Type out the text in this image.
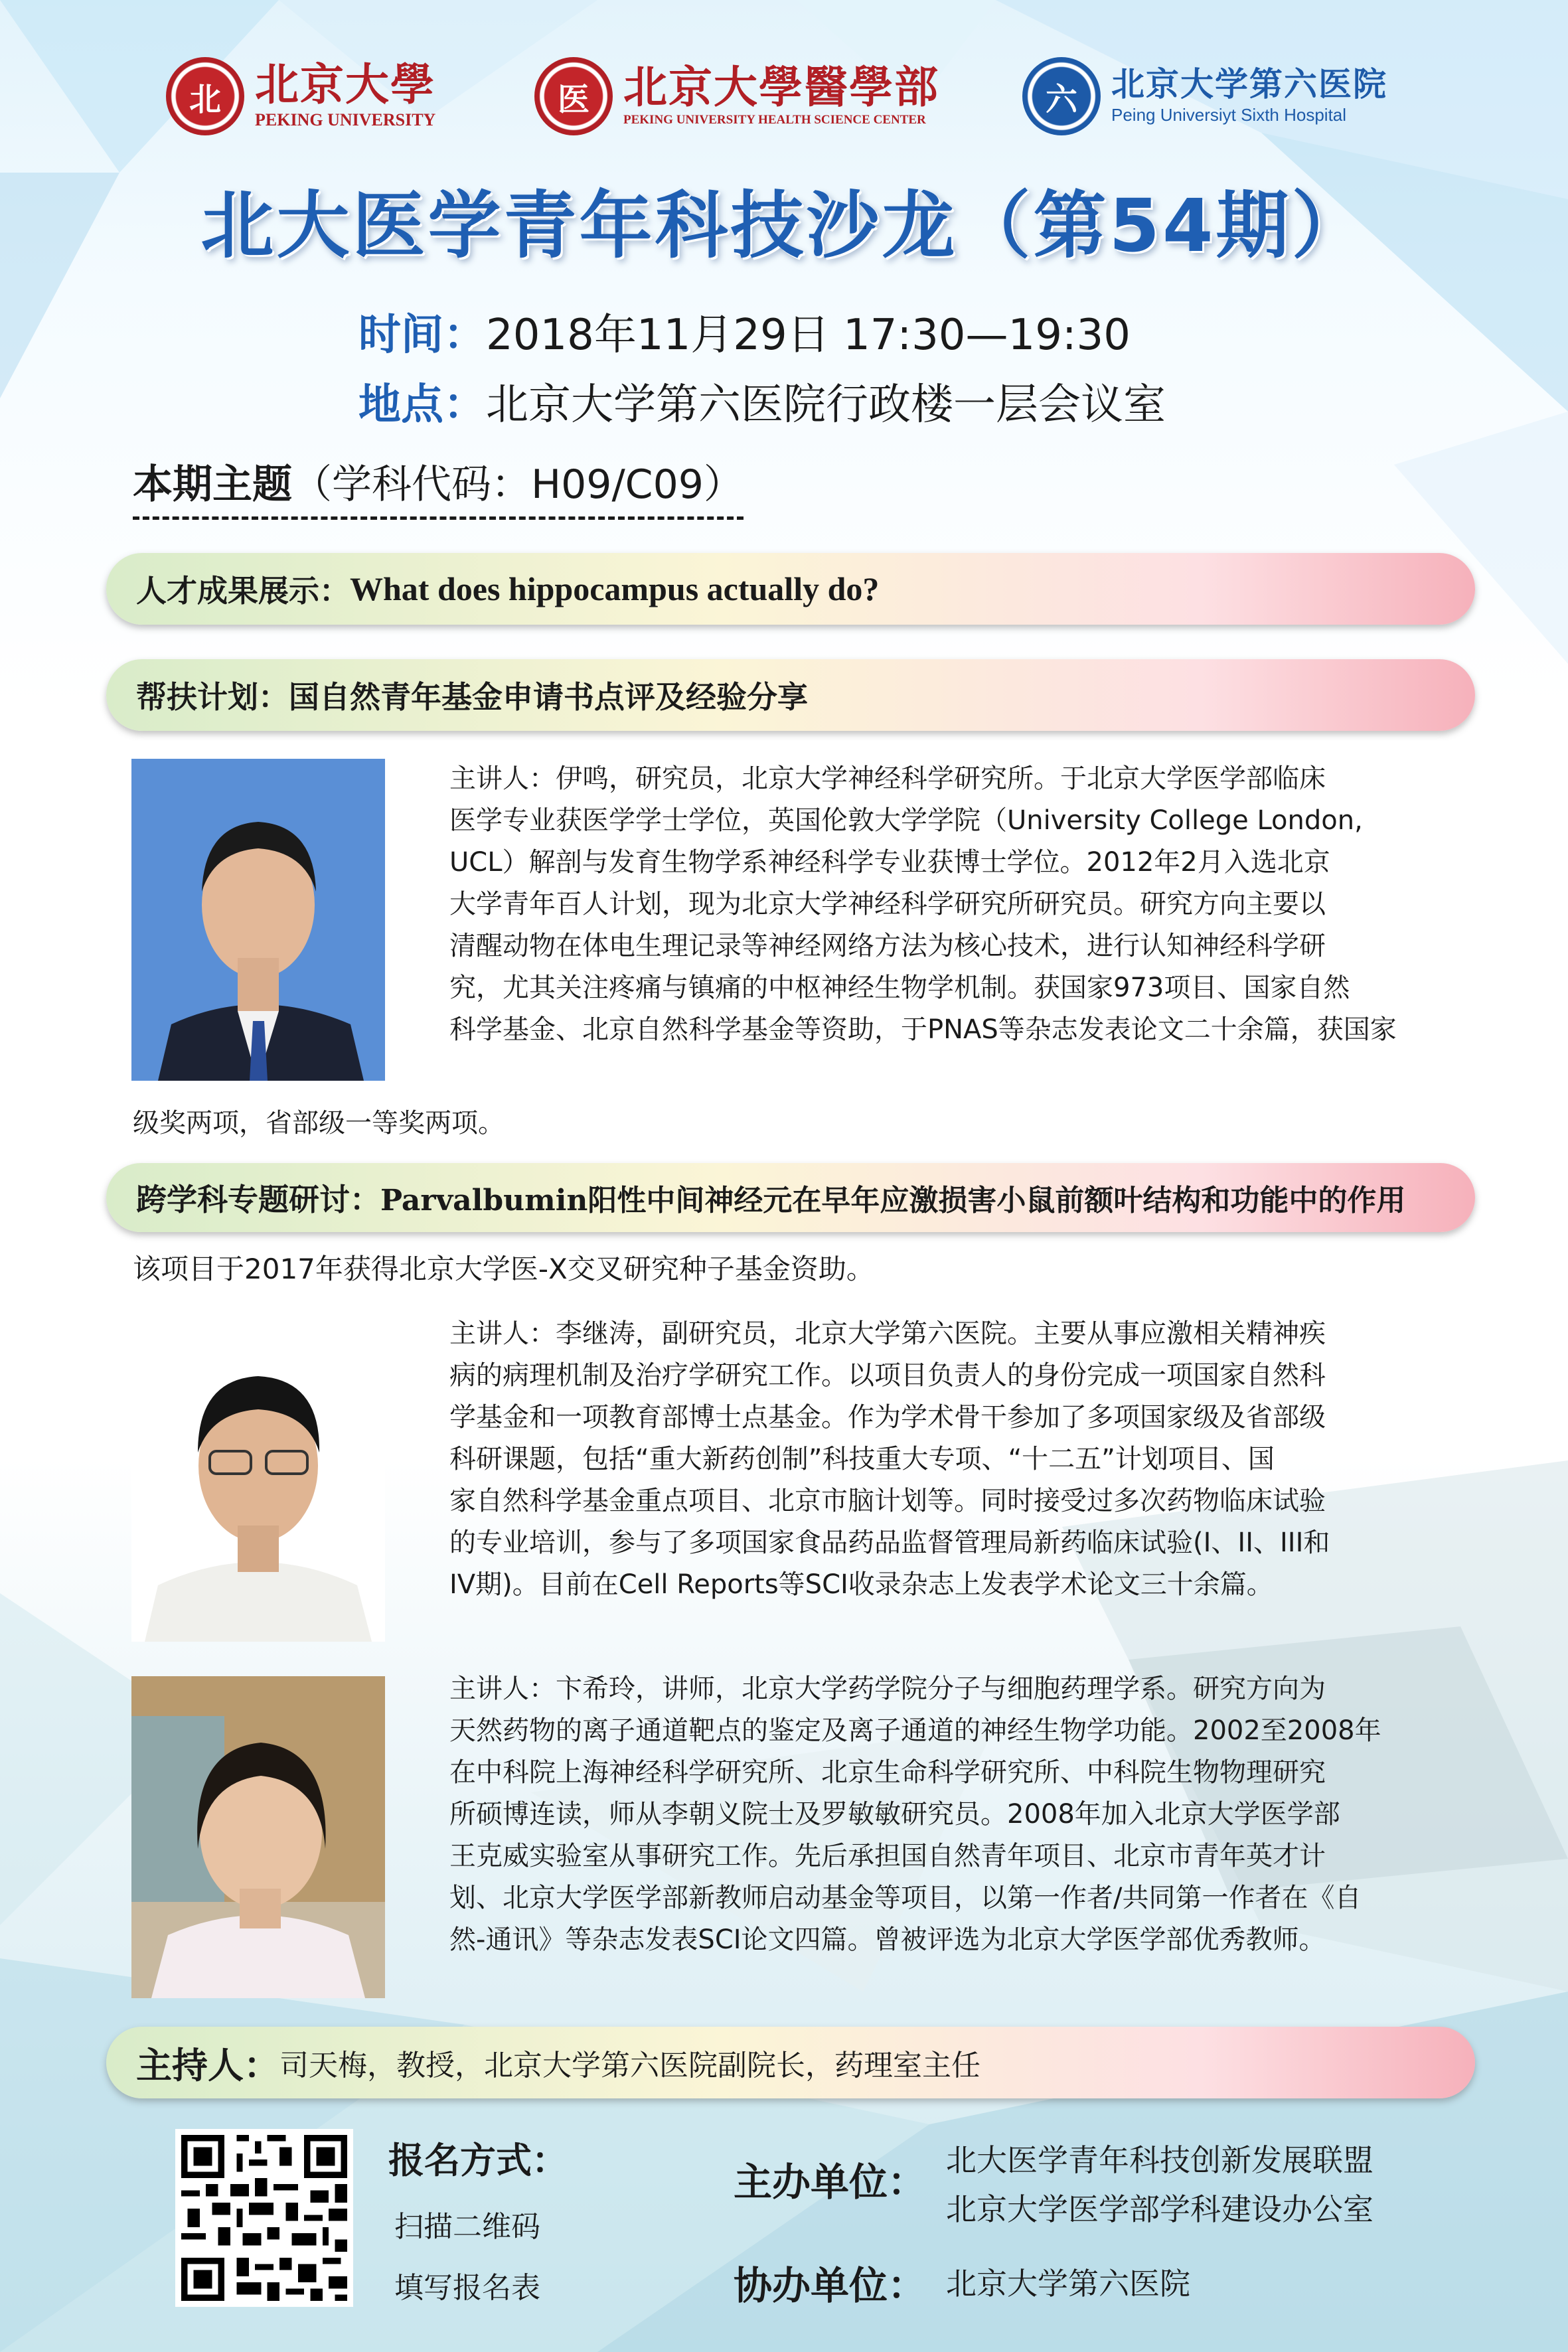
北 北京大學
PEKING UNIVERSITY
医 北京大學醫學部
PEKING UNIVERSITY HEALTH SCIENCE CENTER
六	北京大学第六医院
Peing Universiyt Sixth Hospital
北大医学青年科技沙龙（第54期）
时间：2018年11月29日 17:30—19:30
地点：北京大学第六医院行政楼一层会议室
本期主题（学科代码：H09/C09）
人才成果展示： What does hippocampus actually do?
帮扶计划： 国自然青年基金申请书点评及经验分享
主讲人：伊鸣，研究员，北京大学神经科学研究所。于北京大学医学部临床
医学专业获医学学士学位，英国伦敦大学学院（University College London,
UCL）解剖与发育生物学系神经科学专业获博士学位。2012年2月入选北京
大学青年百人计划，现为北京大学神经科学研究所研究员。研究方向主要以
清醒动物在体电生理记录等神经网络方法为核心技术，进行认知神经科学研
究，尤其关注疼痛与镇痛的中枢神经生物学机制。获国家973项目、国家自然
科学基金、北京自然科学基金等资助，于PNAS等杂志发表论文二十余篇，获国家
级奖两项，省部级一等奖两项。
跨学科专题研讨： Parvalbumin阳性中间神经元在早年应激损害小鼠前额叶结构和功能中的作用
该项目于2017年获得北京大学医-X交叉研究种子基金资助。
主讲人：李继涛，副研究员，北京大学第六医院。主要从事应激相关精神疾
病的病理机制及治疗学研究工作。以项目负责人的身份完成一项国家自然科
学基金和一项教育部博士点基金。作为学术骨干参加了多项国家级及省部级
科研课题，包括“重大新药创制”科技重大专项、“十二五”计划项目、国
家自然科学基金重点项目、北京市脑计划等。同时接受过多次药物临床试验
的专业培训，参与了多项国家食品药品监督管理局新药临床试验(I、II、III和
IV期)。目前在Cell Reports等SCI收录杂志上发表学术论文三十余篇。
主讲人：卞希玲，讲师，北京大学药学院分子与细胞药理学系。研究方向为
天然药物的离子通道靶点的鉴定及离子通道的神经生物学功能。2002至2008年
在中科院上海神经科学研究所、北京生命科学研究所、中科院生物物理研究
所硕博连读，师从李朝义院士及罗敏敏研究员。2008年加入北京大学医学部
王克威实验室从事研究工作。先后承担国自然青年项目、北京市青年英才计
划、北京大学医学部新教师启动基金等项目，以第一作者/共同第一作者在《自
然-通讯》等杂志发表SCI论文四篇。曾被评选为北京大学医学部优秀教师。
主持人： 司天梅，教授，北京大学第六医院副院长，药理室主任
报名方式：
扫描二维码
填写报名表
主办单位： 北大医学青年科技创新发展联盟
北京大学医学部学科建设办公室
协办单位： 北京大学第六医院
